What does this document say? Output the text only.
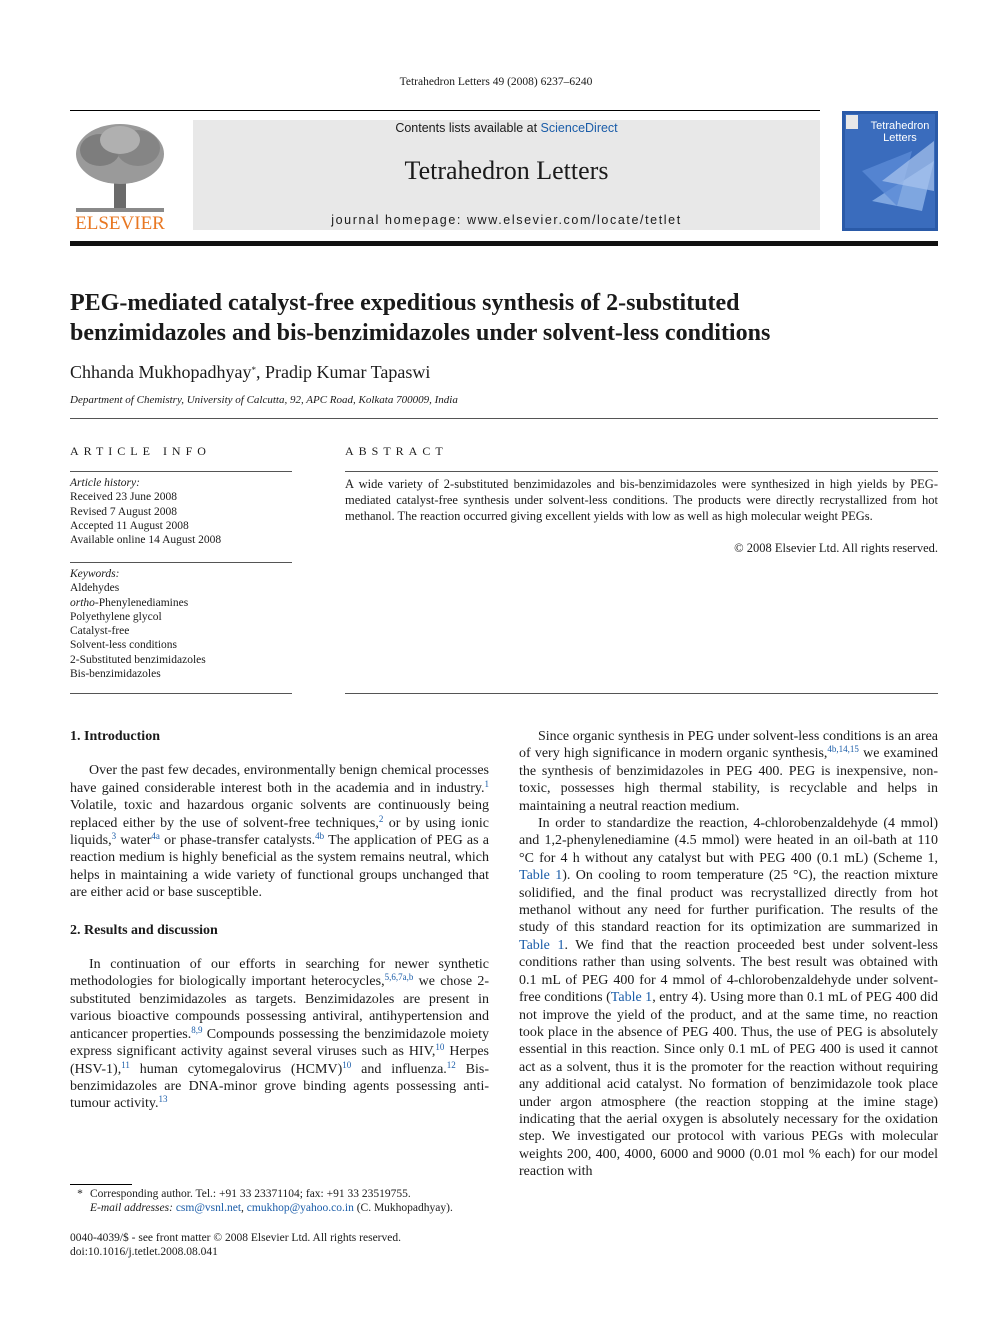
Tetrahedron Letters 49 (2008) 6237–6240
ELSEVIER
Contents lists available at ScienceDirect
Tetrahedron Letters
journal homepage: www.elsevier.com/locate/tetlet
Tetrahedron
Letters
PEG-mediated catalyst-free expeditious synthesis of 2-substituted
benzimidazoles and bis-benzimidazoles under solvent-less conditions
Chhanda Mukhopadhyay*, Pradip Kumar Tapaswi
Department of Chemistry, University of Calcutta, 92, APC Road, Kolkata 700009, India
ARTICLE INFO
Article history:
Received 23 June 2008
Revised 7 August 2008
Accepted 11 August 2008
Available online 14 August 2008
Keywords:
Aldehydes
ortho-Phenylenediamines
Polyethylene glycol
Catalyst-free
Solvent-less conditions
2-Substituted benzimidazoles
Bis-benzimidazoles
ABSTRACT
A wide variety of 2-substituted benzimidazoles and bis-benzimidazoles were synthesized in high yields by PEG-mediated catalyst-free synthesis under solvent-less conditions. The products were directly recrystallized from hot methanol. The reaction occurred giving excellent yields with low as well as high molecular weight PEGs.
© 2008 Elsevier Ltd. All rights reserved.
1. Introduction

Over the past few decades, environmentally benign chemical processes have gained considerable interest both in the academia and in industry.$^1$ Volatile, toxic and hazardous organic solvents are continuously being replaced either by the use of solvent-free techniques,$^2$ or by using ionic liquids,$^3$ water$^{4a}$ or phase-transfer catalysts.$^{4b}$ The application of PEG as a reaction medium is highly beneficial as the system remains neutral, which helps in maintaining a wide variety of functional groups unchanged that are either acid or base susceptible.

2. Results and discussion

In continuation of our efforts in searching for newer synthetic methodologies for biologically important heterocycles,$^{5,6,7a,b}$ we chose 2-substituted benzimidazoles as targets. Benzimidazoles are present in various bioactive compounds possessing antiviral, antihypertension and anticancer properties.$^{8,9}$ Compounds possessing the benzimidazole moiety express significant activity against several viruses such as HIV,$^{10}$ Herpes (HSV-1),$^{11}$ human cytomegalovirus (HCMV)$^{10}$ and influenza.$^{12}$ Bis-benzimidazoles are DNA-minor grove binding agents possessing anti-tumour activity.$^{13}$

Since organic synthesis in PEG under solvent-less conditions is an area of very high significance in modern organic synthesis,$^{4b,14,15}$ we examined the synthesis of benzimidazoles in PEG 400. PEG is inexpensive, non-toxic, possesses high thermal stability, is recyclable and helps in maintaining a neutral reaction medium.

In order to standardize the reaction, 4-chlorobenzaldehyde (4 mmol) and 1,2-phenylenediamine (4.5 mmol) were heated in an oil-bath at 110 °C for 4 h without any catalyst but with PEG 400 (0.1 mL) (Scheme 1, Table 1). On cooling to room temperature (25 °C), the reaction mixture solidified, and the final product was recrystallized directly from hot methanol without any need for further purification. The results of the study of this standard reaction for its optimization are summarized in Table 1. We find that the reaction proceeded best under solvent-less conditions rather than using solvents. The best result was obtained with 0.1 mL of PEG 400 for 4 mmol of 4-chlorobenzaldehyde under solvent-free conditions (Table 1, entry 4). Using more than 0.1 mL of PEG 400 did not improve the yield of the product, and at the same time, no reaction took place in the absence of PEG 400. Thus, the use of PEG is absolutely essential in this reaction. Since only 0.1 mL of PEG 400 is used it cannot act as a solvent, thus it is the promoter for the reaction without requiring any additional acid catalyst. No formation of benzimidazole took place under argon atmosphere (the reaction stopping at the imine stage) indicating that the aerial oxygen is absolutely necessary for the oxidation step. We investigated our protocol with various PEGs with molecular weights 200, 400, 4000, 6000 and 9000 (0.01 mol % each) for our model reaction with

* Corresponding author. Tel.: +91 33 23371104; fax: +91 33 23519755.
E-mail addresses: csm@vsnl.net, cmukhop@yahoo.co.in (C. Mukhopadhyay).
0040-4039/$ - see front matter © 2008 Elsevier Ltd. All rights reserved.
doi:10.1016/j.tetlet.2008.08.041
